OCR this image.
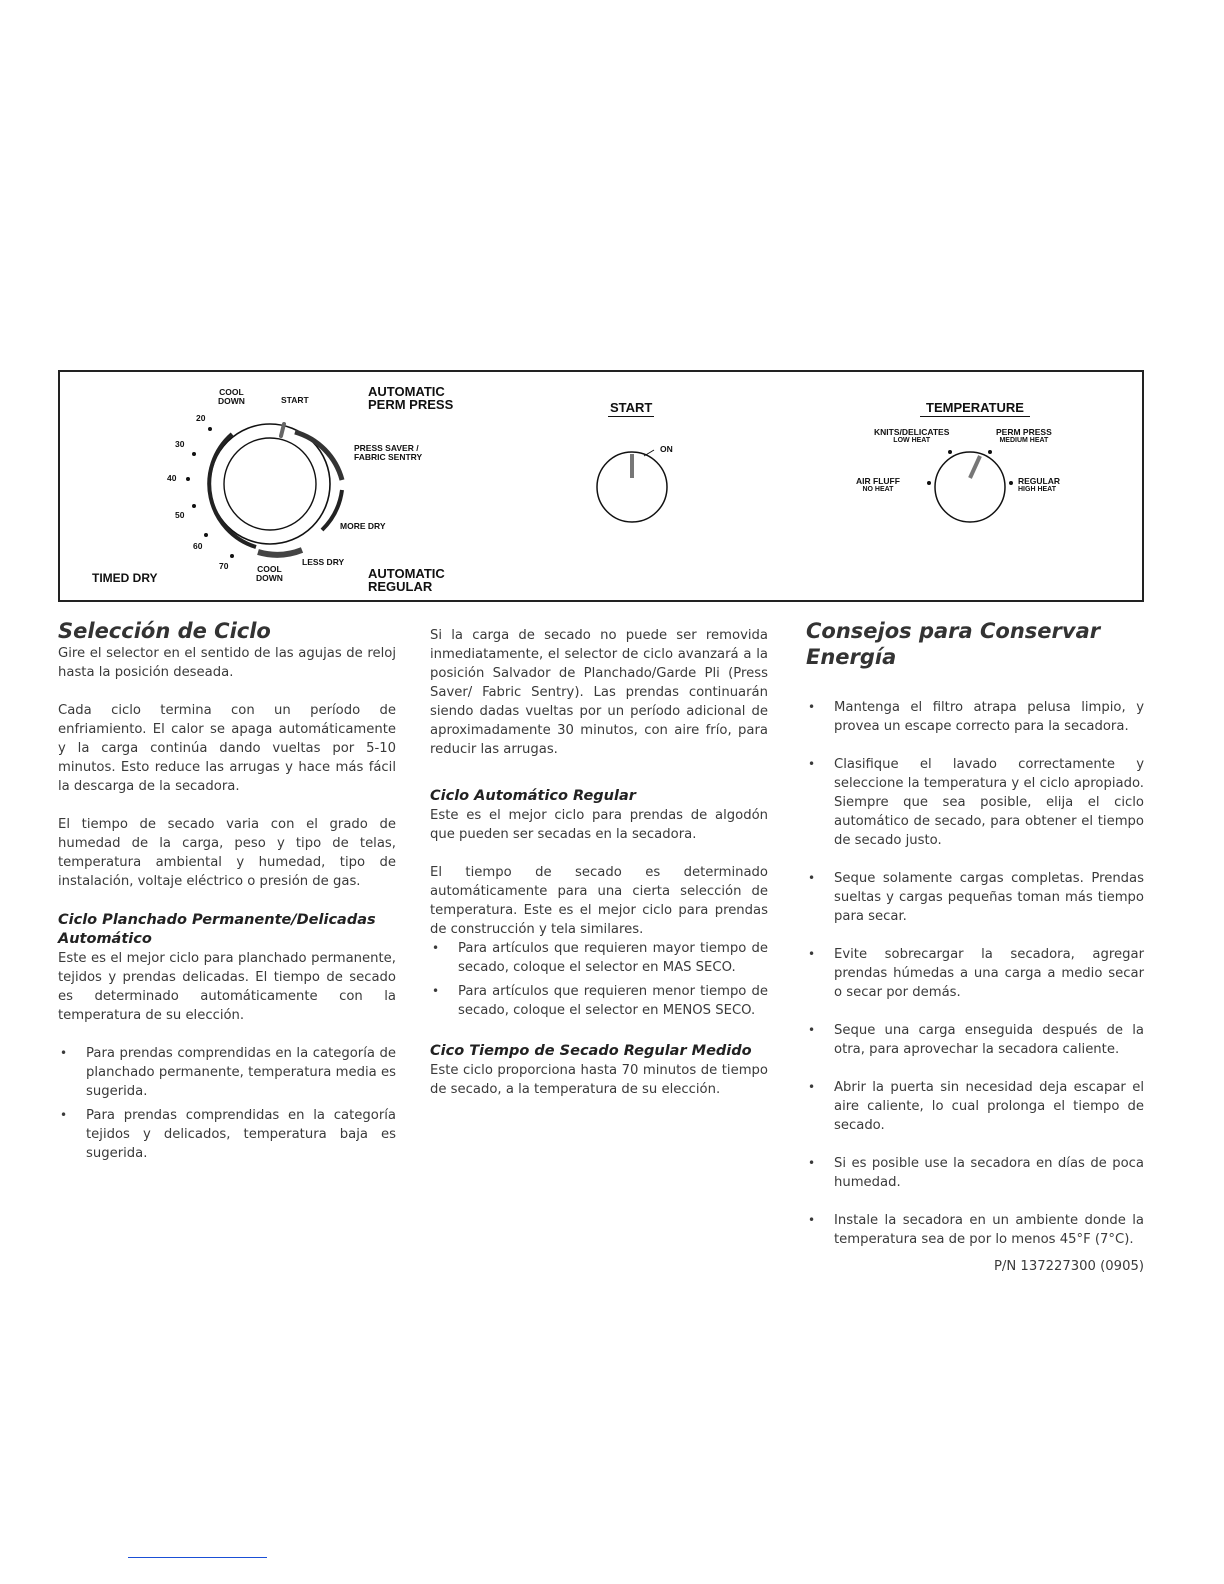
COOL
DOWN	START
AUTOMATIC
PERM PRESS
PRESS SAVER /
FABRIC SENTRY
MORE DRY
LESS DRY
COOL
DOWN	AUTOMATIC
REGULAR
TIMED DRY
20
30
40
50
60
70
START
ON
TEMPERATURE
KNITS/DELICATES
LOW HEAT
PERM PRESS
MEDIUM HEAT
AIR FLUFF
NO HEAT
REGULAR
HIGH HEAT
Selección de Ciclo

Gire el selector en el sentido de las agujas de reloj hasta la posición deseada.

Cada ciclo termina con un período de enfriamiento. El calor se apaga automáticamente y la carga continúa dando vueltas por 5-10 minutos. Esto reduce las arrugas y hace más fácil la descarga de la secadora.

El tiempo de secado varia con el grado de humedad de la carga, peso y tipo de telas, temperatura ambiental y humedad, tipo de instalación, voltaje eléctrico o presión de gas.

Ciclo Planchado Permanente/Delicadas Automático

Este es el mejor ciclo para planchado permanente, tejidos y prendas delicadas. El tiempo de secado es determinado automáticamente con la temperatura de su elección.

• Para prendas comprendidas en la categoría de planchado permanente, temperatura media es sugerida.
• Para prendas comprendidas en la categoría tejidos y delicados, temperatura baja es sugerida.

Si la carga de secado no puede ser removida inmediatamente, el selector de ciclo avanzará a la posición Salvador de Planchado/Garde Pli (Press Saver/ Fabric Sentry). Las prendas continuarán siendo dadas vueltas por un período adicional de aproximadamente 30 minutos, con aire frío, para reducir las arrugas.

Ciclo Automático Regular

Este es el mejor ciclo para prendas de algodón que pueden ser secadas en la secadora.

El tiempo de secado es determinado automáticamente para una cierta selección de temperatura. Este es el mejor ciclo para prendas de construcción y tela similares.

• Para artículos que requieren mayor tiempo de secado, coloque el selector en MAS SECO.
• Para artículos que requieren menor tiempo de secado, coloque el selector en MENOS SECO.
Cico Tiempo de Secado Regular Medido

Este ciclo proporciona hasta 70 minutos de tiempo de secado, a la temperatura de su elección.

Consejos para Conservar Energía
• Mantenga el filtro atrapa pelusa limpio, y provea un escape correcto para la secadora.
• Clasifique el lavado correctamente y seleccione la temperatura y el ciclo apropiado. Siempre que sea posible, elija el ciclo automático de secado, para obtener el tiempo de secado justo.
• Seque solamente cargas completas. Prendas sueltas y cargas pequeñas toman más tiempo para secar.
• Evite sobrecargar la secadora, agregar prendas húmedas a una carga a medio secar o secar por demás.
• Seque una carga enseguida después de la otra, para aprovechar la secadora caliente.
• Abrir la puerta sin necesidad deja escapar el aire caliente, lo cual prolonga el tiempo de secado.
• Si es posible use la secadora en días de poca humedad.
• Instale la secadora en un ambiente donde la temperatura sea de por lo menos 45°F (7°C).
P/N 137227300 (0905)
